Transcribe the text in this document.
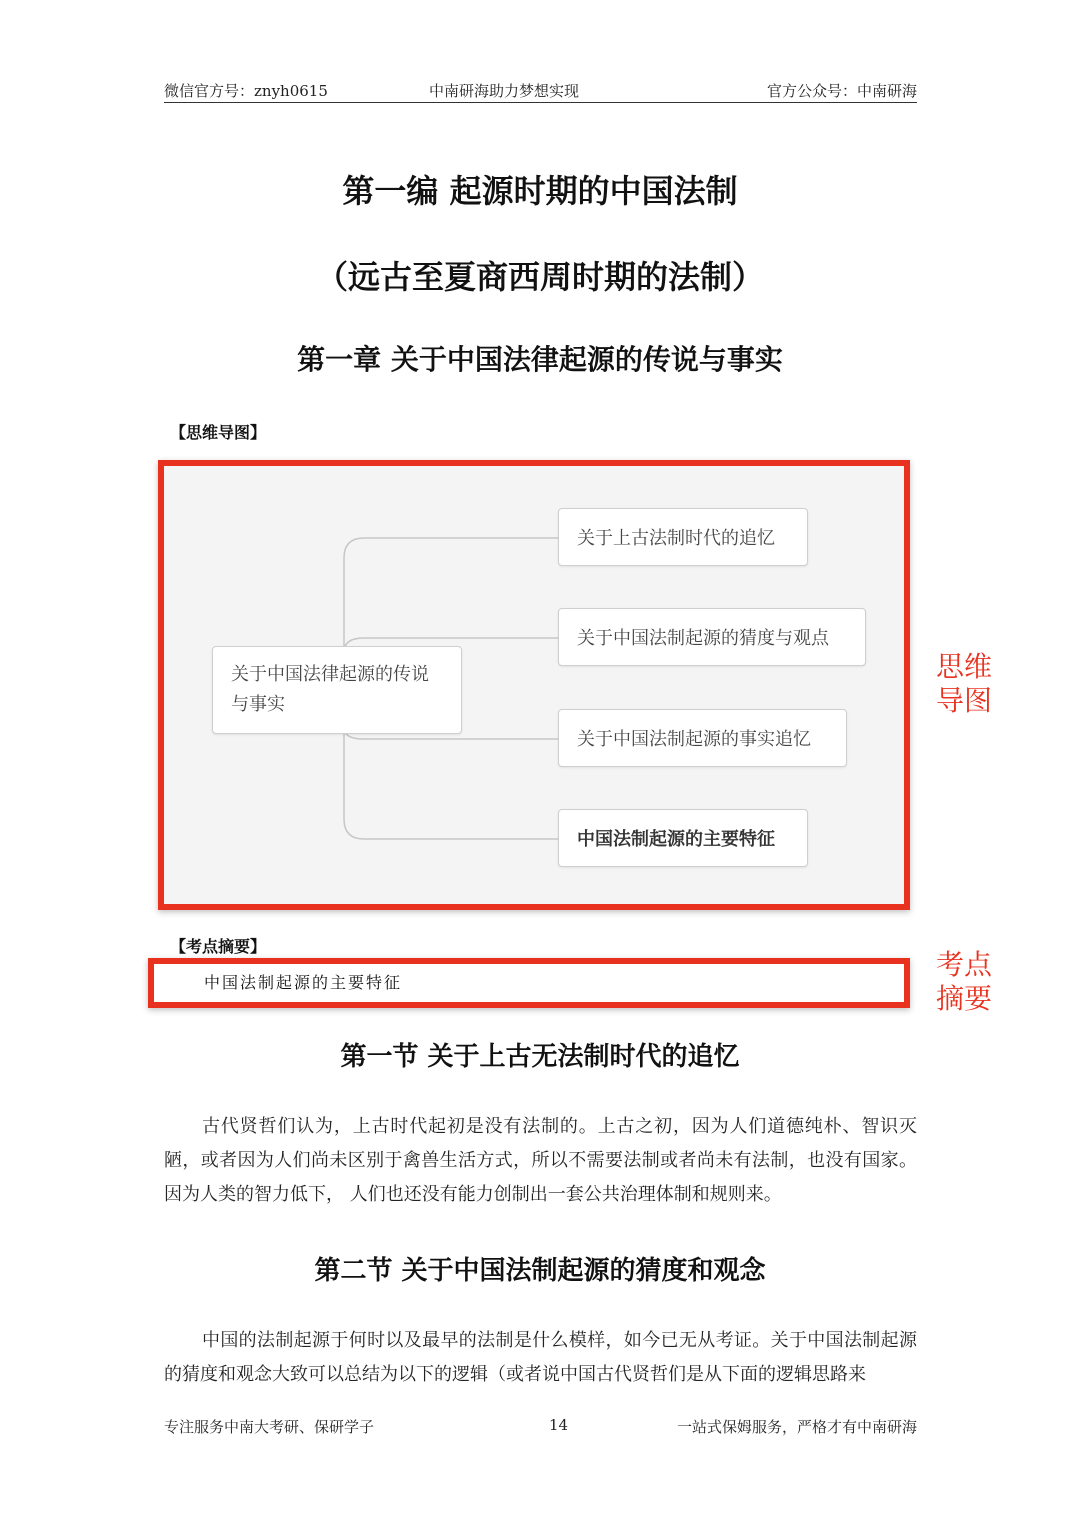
微信官方号：znyh0615	中南研海助力梦想实现	官方公众号：中南研海
第一编 起源时期的中国法制
（远古至夏商西周时期的法制）
第一章 关于中国法律起源的传说与事实
【思维导图】
关于中国法律起源的传说与事实
关于上古法制时代的追忆
关于中国法制起源的猜度与观点
关于中国法制起源的事实追忆
中国法制起源的主要特征
思维导图
【考点摘要】
中国法制起源的主要特征
考点摘要
第一节 关于上古无法制时代的追忆

古代贤哲们认为，上古时代起初是没有法制的。上古之初，因为人们道德纯朴、智识灭陋，或者因为人们尚未区别于禽兽生活方式，所以不需要法制或者尚未有法制，也没有国家。因为人类的智力低下， 人们也还没有能力创制出一套公共治理体制和规则来。

第二节 关于中国法制起源的猜度和观念

中国的法制起源于何时以及最早的法制是什么模样，如今已无从考证。关于中国法制起源的猜度和观念大致可以总结为以下的逻辑（或者说中国古代贤哲们是从下面的逻辑思路来

专注服务中南大考研、保研学子	14	一站式保姆服务，严格才有中南研海
